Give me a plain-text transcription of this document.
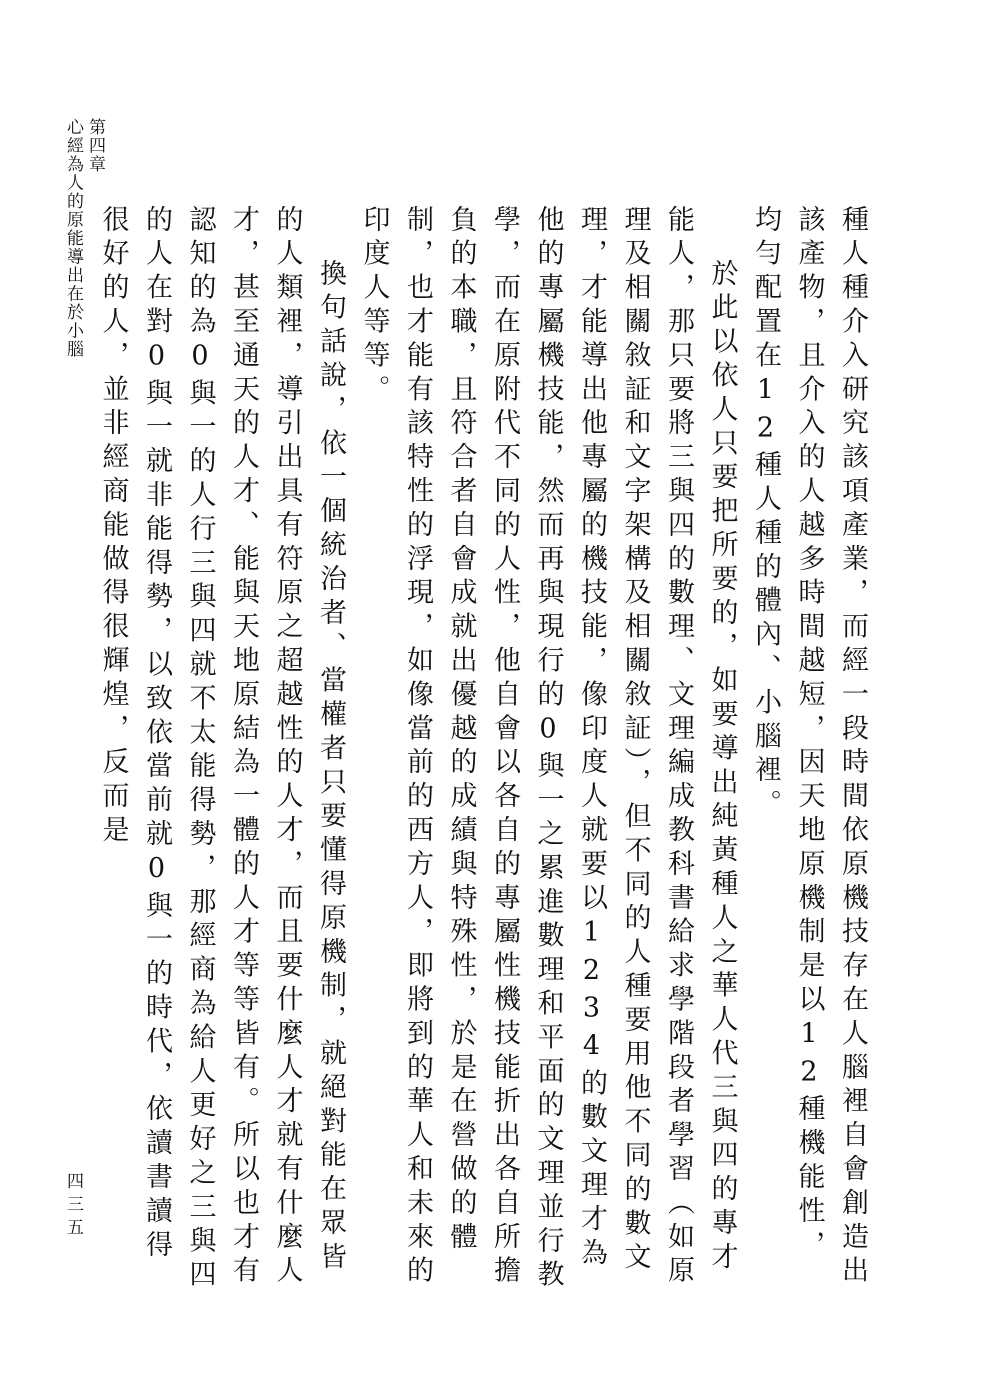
第四章
心經為人的原能導出在於小腦	種人種介入研究該項產業，而經一段時間依原機技存在人腦裡自會創造出該產物，且介入的人越多時間越短，因天地原機制是以12種機能性，均勻配置在12種人種的體內、小腦裡。

於此以依人只要把所要的，如要導出純黃種人之華人代三與四的專才能人，那只要將三與四的數理、文理編成教科書給求學階段者學習（如原理及相關敘証和文字架構及相關敘証），但不同的人種要用他不同的數文理，才能導出他專屬的機技能，像印度人就要以1234的數文理才為他的專屬機技能，然而再與現行的0與一之累進數理和平面的文理並行教學，而在原附代不同的人性，他自會以各自的專屬性機技能折出各自所擔負的本職，且符合者自會成就出優越的成績與特殊性，於是在營做的體制，也才能有該特性的浮現，如像當前的西方人，即將到的華人和未來的印度人等等。

換句話說，依一個統治者、當權者只要懂得原機制，就絕對能在眾皆的人類裡，導引出具有符原之超越性的人才，而且要什麼人才就有什麼人才，甚至通天的人才、能與天地原結為一體的人才等等皆有。所以也才有認知的為0與一的人行三與四就不太能得勢，那經商為給人更好之三與四的人在對0與一就非能得勢，以致依當前就0與一的時代，依讀書讀得很好的人，並非經商能做得很輝煌，反而是

四三五
